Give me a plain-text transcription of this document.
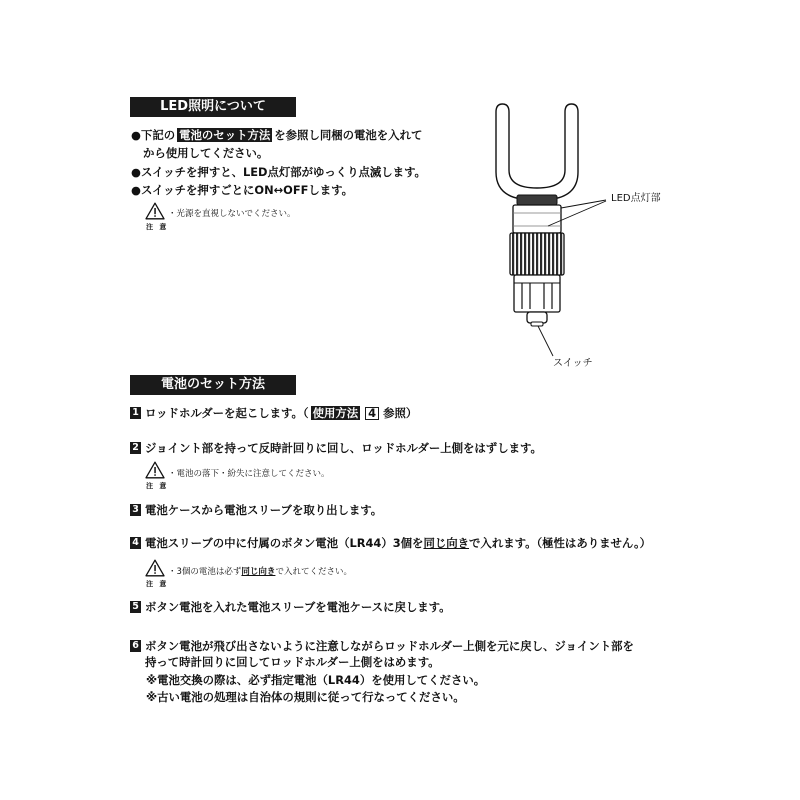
LED照明について
●下記の 電池のセット方法 を参照し同梱の電池を入れて
から使用してください。
●スイッチを押すと、LED点灯部がゆっくり点滅します。
●スイッチを押すごとにON↔OFFします。
・光源を直視しないでください。
注 意
LED点灯部
スイッチ
電池のセット方法
1 ロッドホルダーを起こします。（ 使用方法 4 参照）
2 ジョイント部を持って反時計回りに回し、ロッドホルダー上側をはずします。
・電池の落下・紛失に注意してください。
注 意
3 電池ケースから電池スリーブを取り出します。
4 電池スリーブの中に付属のボタン電池（LR44）3個を 同じ向き で入れます。（極性はありません。）
・3個の電池は必ず同じ向きで入れてください。
注 意
5 ボタン電池を入れた電池スリーブを電池ケースに戻します。
6 ボタン電池が飛び出さないように注意しながらロッドホルダー上側を元に戻し、ジョイント部を
持って時計回りに回してロッドホルダー上側をはめます。
※電池交換の際は、必ず指定電池（LR44）を使用してください。
※古い電池の処理は自治体の規則に従って行なってください。
